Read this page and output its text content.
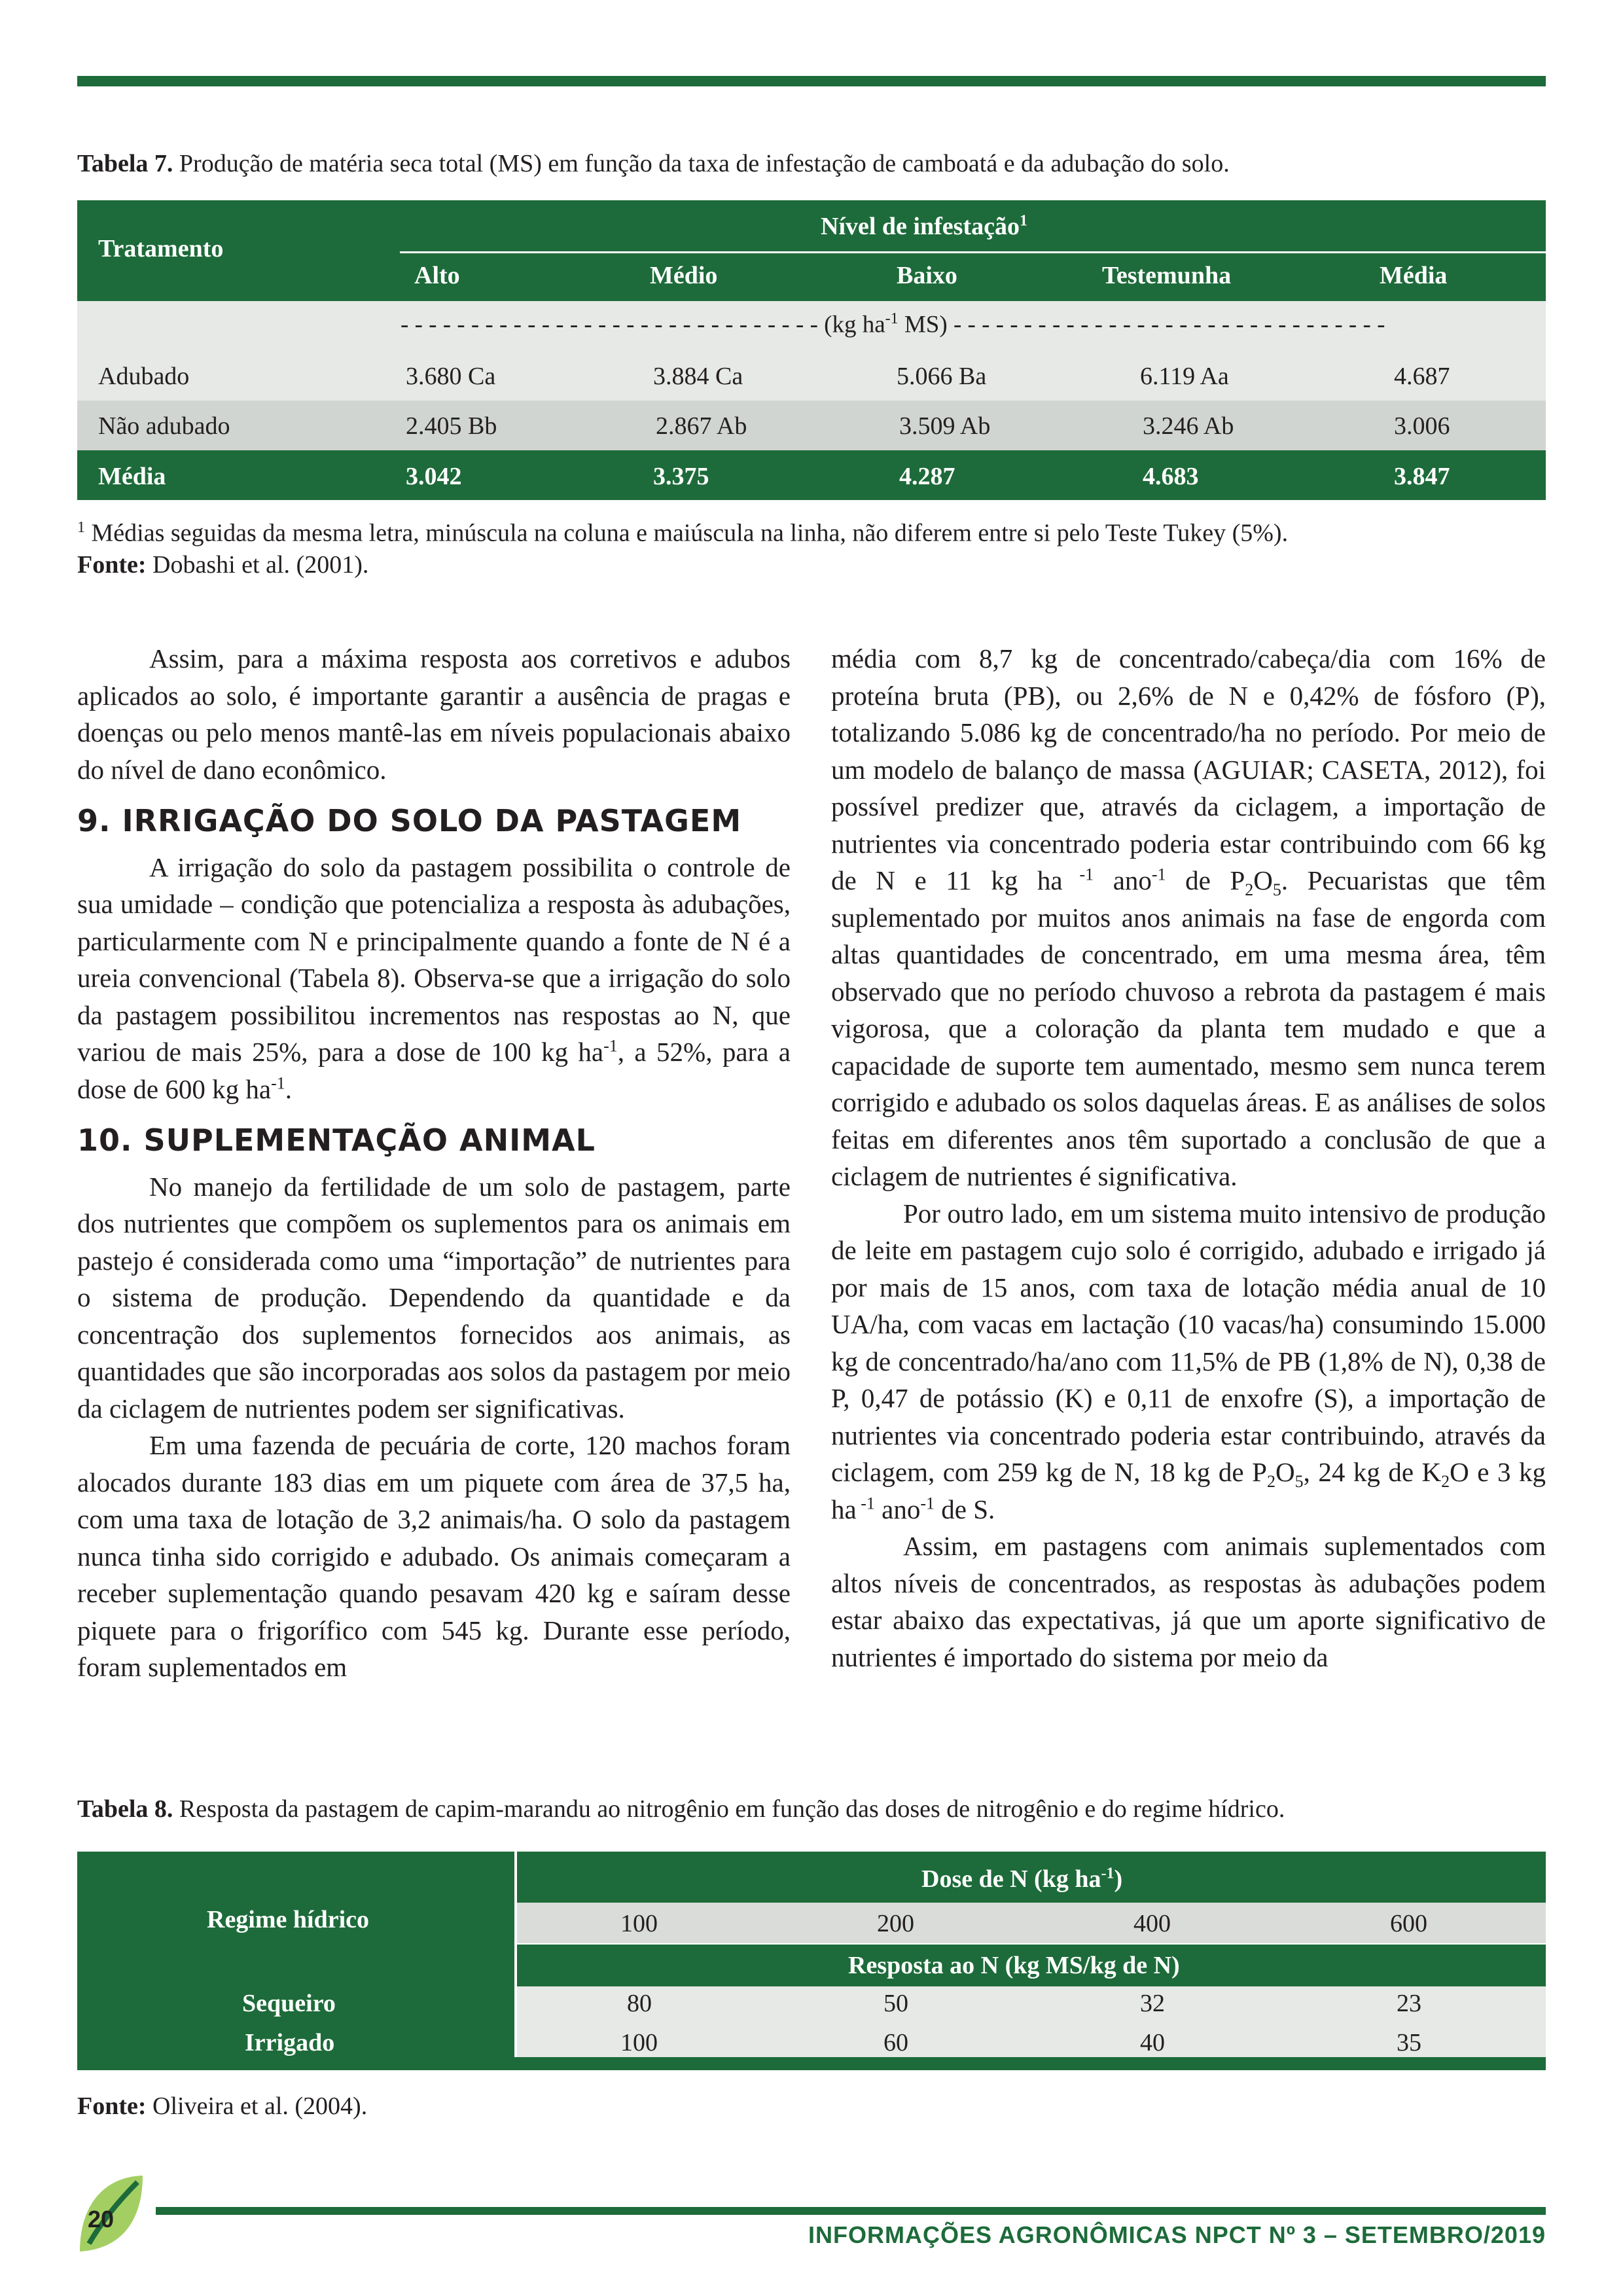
Tabela 7. Produção de matéria seca total (MS) em função da taxa de infestação de camboatá e da adubação do solo.
Tratamento
Nível de infestação$^1$
Alto	Médio	Baixo	Testemunha	Média
- - - - - - - - - - - - - - - - - - - - - - - - - - - - - - (kg $ha^{-1}$ MS) - - - - - - - - - - - - - - - - - - - - - - - - - - - - - - -
Adubado	3.680 Ca	3.884 Ca	5.066 Ba	6.119 Aa	4.687
Não adubado	2.405 Bb	2.867 Ab	3.509 Ab	3.246 Ab	3.006
Média	3.042	3.375	4.287	4.683	3.847
$^1$ Médias seguidas da mesma letra, minúscula na coluna e maiúscula na linha, não diferem entre si pelo Teste Tukey (5%).
Fonte: Dobashi et al. (2001).

Assim, para a máxima resposta aos corretivos e adubos aplicados ao solo, é importante garantir a ausência de pragas e doenças ou pelo menos mantê-las em níveis populacionais abaixo do nível de dano econômico.

9. IRRIGAÇÃO DO SOLO DA PASTAGEM

A irrigação do solo da pastagem possibilita o controle de sua umidade – condição que potencializa a resposta às adubações, particularmente com N e principalmente quando a fonte de N é a ureia convencional (Tabela 8). Observa-se que a irrigação do solo da pastagem possibilitou incrementos nas respostas ao N, que variou de mais 25%, para a dose de 100 kg $ha^{-1}$, a 52%, para a dose de 600 kg $ha^{-1}$.

10. SUPLEMENTAÇÃO ANIMAL

No manejo da fertilidade de um solo de pastagem, parte dos nutrientes que compõem os suplementos para os animais em pastejo é considerada como uma “importação” de nutrientes para o sistema de produção. Dependendo da quantidade e da concentração dos suplementos fornecidos aos animais, as quantidades que são incorporadas aos solos da pastagem por meio da ciclagem de nutrientes podem ser significativas.

Em uma fazenda de pecuária de corte, 120 machos foram alocados durante 183 dias em um piquete com área de 37,5 ha, com uma taxa de lotação de 3,2 animais/ha. O solo da pastagem nunca tinha sido corrigido e adubado. Os animais começaram a receber suplementação quando pesavam 420 kg e saíram desse piquete para o frigorífico com 545 kg. Durante esse período, foram suplementados em

média com 8,7 kg de concentrado/cabeça/dia com 16% de proteína bruta (PB), ou 2,6% de N e 0,42% de fósforo (P), totalizando 5.086 kg de concentrado/ha no período. Por meio de um modelo de balanço de massa (AGUIAR; CASETA, 2012), foi possível predizer que, através da ciclagem, a importação de nutrientes via concentrado poderia estar contribuindo com 66 kg de N e 11 kg ha $^{-1}$ ano$^{-1}$ de $P_2O_5$. Pecuaristas que têm suplementado por muitos anos animais na fase de engorda com altas quantidades de concentrado, em uma mesma área, têm observado que no período chuvoso a rebrota da pastagem é mais vigorosa, que a coloração da planta tem mudado e que a capacidade de suporte tem aumentado, mesmo sem nunca terem corrigido e adubado os solos daquelas áreas. E as análises de solos feitas em diferentes anos têm suportado a conclusão de que a ciclagem de nutrientes é significativa.

Por outro lado, em um sistema muito intensivo de produção de leite em pastagem cujo solo é corrigido, adubado e irrigado já por mais de 15 anos, com taxa de lotação média anual de 10 UA/ha, com vacas em lactação (10 vacas/ha) consumindo 15.000 kg de concentrado/ha/ano com 11,5% de PB (1,8% de N), 0,38 de P, 0,47 de potássio (K) e 0,11 de enxofre (S), a importação de nutrientes via concentrado poderia estar contribuindo, através da ciclagem, com 259 kg de N, 18 kg de $P_2O_5$, 24 kg de $K_2O$ e 3 kg ha $^{-1}$ ano$^{-1}$ de S.

Assim, em pastagens com animais suplementados com altos níveis de concentrados, as respostas às adubações podem estar abaixo das expectativas, já que um aporte significativo de nutrientes é importado do sistema por meio da

Tabela 8. Resposta da pastagem de capim-marandu ao nitrogênio em função das doses de nitrogênio e do regime hídrico.
Regime hídrico
Dose de N (kg $ha^{-1}$)
100	200	400	600
Resposta ao N (kg MS/kg de N)
Sequeiro	80	50	32	23
Irrigado	100	60	40	35
Fonte: Oliveira et al. (2004).
20
INFORMAÇÕES AGRONÔMICAS NPCT Nº 3 – SETEMBRO/2019
